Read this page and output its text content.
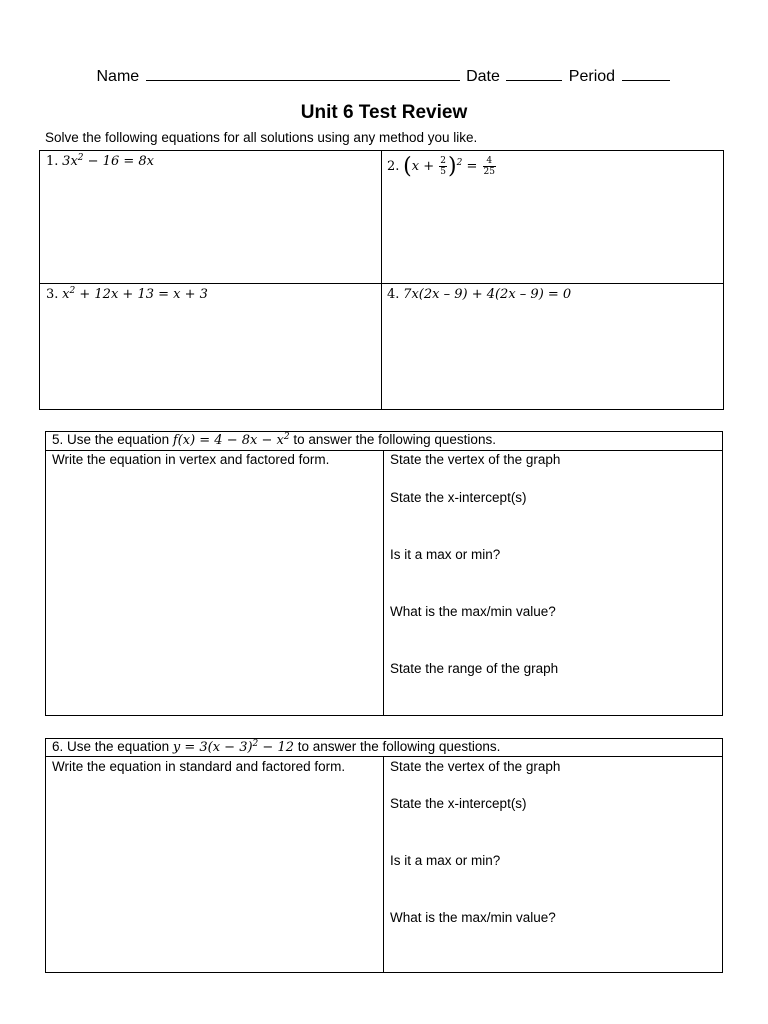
Name	Date	Period
Unit 6 Test Review
Solve the following equations for all solutions using any method you like.
1. $3x^2 - 16 = 8x$	2. $(x + \frac{2}{5} )^2 = \frac{4}{25}$
3. $x^2 + 12x + 13 = x + 3$	4. 7x(2x – 9) + 4(2x – 9) = 0
5. Use the equation $f(x) = 4 - 8x - x^2$ to answer the following questions.
Write the equation in vertex and factored form.	State the vertex of the graph
State the x-intercept(s)
Is it a max or min?
What is the max/min value?
State the range of the graph
6. Use the equation $y = 3(x - 3)^2 - 12$ to answer the following questions.
Write the equation in standard and factored form.	State the vertex of the graph
State the x-intercept(s)
Is it a max or min?
What is the max/min value?
